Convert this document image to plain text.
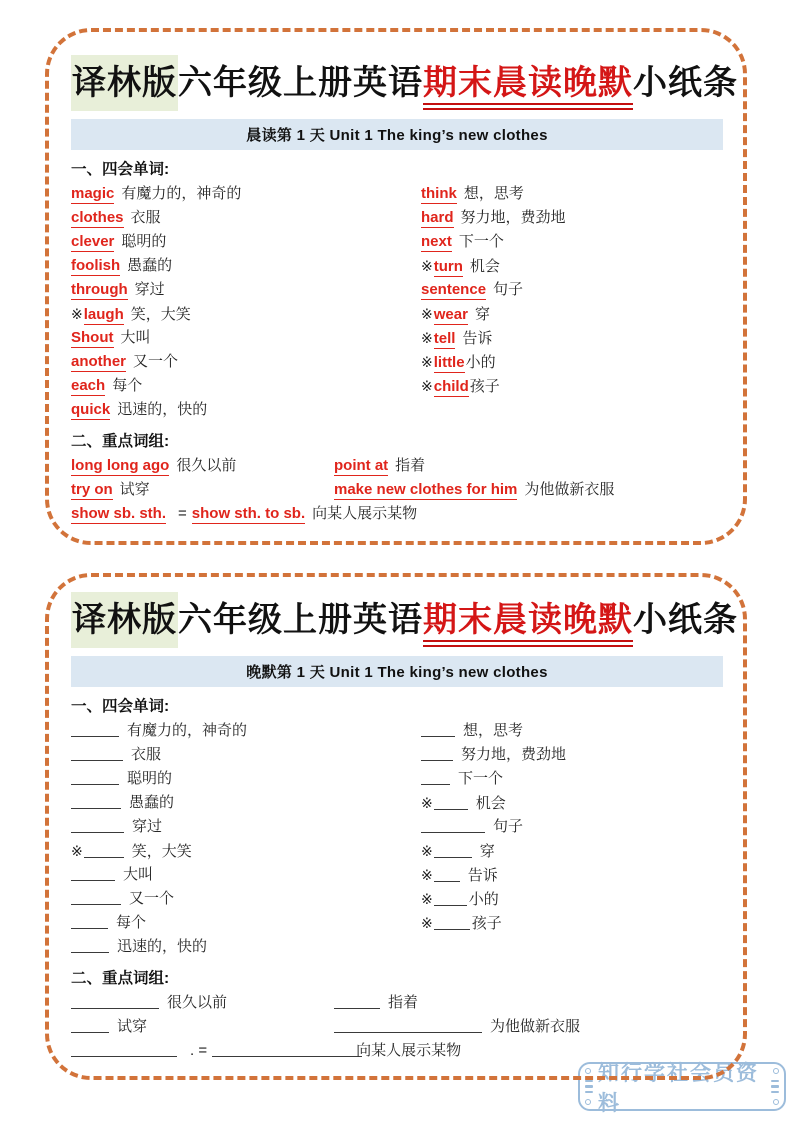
知行学社会员资料
译林版六年级上册英语期末晨读晚默小纸条
晨读第 1 天 Unit 1 The king’s new clothes
一、四会单词:
magic 有魔力的，神奇的
clothes 衣服
clever 聪明的
foolish 愚蠢的
through 穿过
※laugh 笑，大笑
Shout 大叫
another 又一个
each 每个
quick 迅速的，快的
think 想，思考
hard 努力地，费劲地
next 下一个
※turn 机会
sentence 句子
※wear 穿
※tell 告诉
※little小的
※child孩子
二、重点词组:
long long ago 很久以前	point at 指着
try on 试穿	make new clothes for him 为他做新衣服
show sb. sth. = show sth. to sb. 向某人展示某物
译林版六年级上册英语期末晨读晚默小纸条
晚默第 1 天 Unit 1 The king’s new clothes
一、四会单词:
有魔力的，神奇的
衣服
聪明的
愚蠢的
穿过
※	笑，大笑
大叫
又一个
每个
迅速的，快的
想，思考
努力地，费劲地
下一个
※	机会
句子
※	穿
※ 告诉
※ 小的
※	孩子
二、重点词组:
很久以前	指着
试穿	为他做新衣服
. =	向某人展示某物
